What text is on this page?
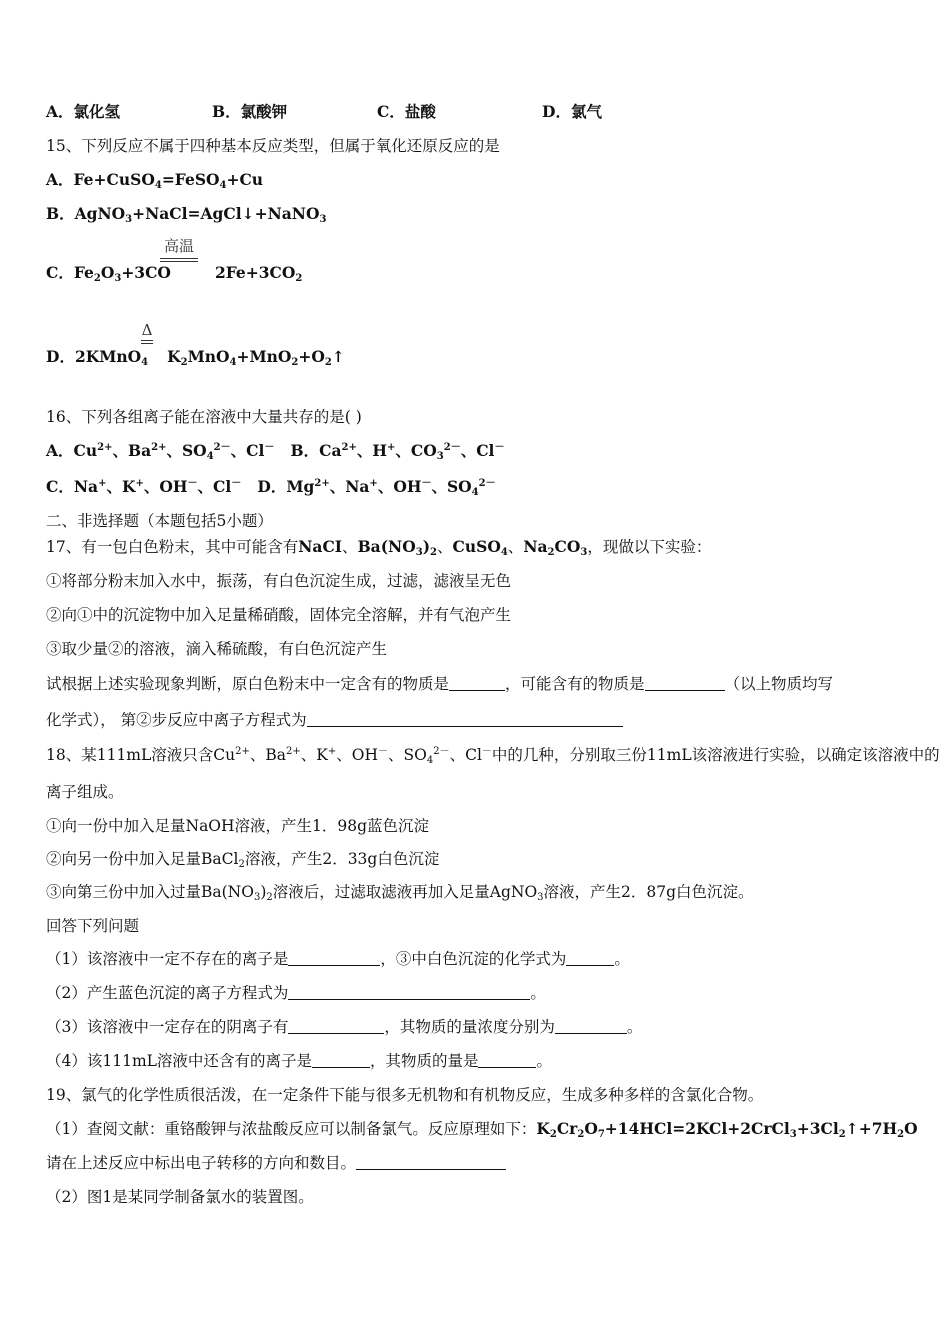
A．氯化氢	B．氯酸钾	C．盐酸	D．氯气
15、下列反应不属于四种基本反应类型，但属于氧化还原反应的是
A．Fe+CuSO$_4$=FeSO$_4$+Cu
B．AgNO$_3$+NaCl=AgCl↓+NaNO$_3$
C．$Fe_2O_3+3CO$	$2Fe+3CO_2$
高温
D．2KMnO$_4$ $K_2MnO_4+MnO_2+O_2↑$
Δ
16、下列各组离子能在溶液中大量共存的是( )
A．$Cu^{2+}$、$Ba^{2+}$、$SO_4^{2-}$、Cl－   B．$Ca^{2+}$、H+、$CO_3^{2-}$、Cl－
C．Na+、K+、OH－、Cl－   D．$Mg^{2+}$、Na+、OH－、$SO_4^{2-}$
二、非选择题（本题包括5小题）
17、有一包白色粉末，其中可能含有NaCI、$Ba(NO_3)_2$、CuSO$_4$、$Na_2CO_3$，现做以下实验：
①将部分粉末加入水中，振荡，有白色沉淀生成，过滤，滤液呈无色
②向①中的沉淀物中加入足量稀硝酸，固体完全溶解，并有气泡产生
③取少量②的溶液，滴入稀硫酸，有白色沉淀产生
试根据上述实验现象判断，原白色粉末中一定含有的物质是	，可能含有的物质是	（以上物质均写
化学式）， 第②步反应中离子方程式为
18、某111mL溶液只含$Cu^{2+}$、$Ba^{2+}$、K+、OH－、$SO_4^{2-}$、Cl－中的几种，分别取三份11mL该溶液进行实验，以确定该溶液中的
离子组成。
①向一份中加入足量NaOH溶液，产生1．98g蓝色沉淀
②向另一份中加入足量BaCl$_2$溶液，产生2．33g白色沉淀
③向第三份中加入过量$Ba(NO_3)_2$溶液后，过滤取滤液再加入足量AgNO$_3$溶液，产生2．87g白色沉淀。
回答下列问题
（1）该溶液中一定不存在的离子是	，③中白色沉淀的化学式为	。
（2）产生蓝色沉淀的离子方程式为	。
（3）该溶液中一定存在的阴离子有	，其物质的量浓度分别为	。
（4）该111mL溶液中还含有的离子是	，其物质的量是	。
19、氯气的化学性质很活泼，在一定条件下能与很多无机物和有机物反应，生成多种多样的含氯化合物。
（1）查阅文献：重铬酸钾与浓盐酸反应可以制备氯气。反应原理如下：$K_2Cr_2O_7+14HCl=2KCl+2CrCl_3+3Cl_2↑+7H_2O$
请在上述反应中标出电子转移的方向和数目。
（2）图1是某同学制备氯水的装置图。
